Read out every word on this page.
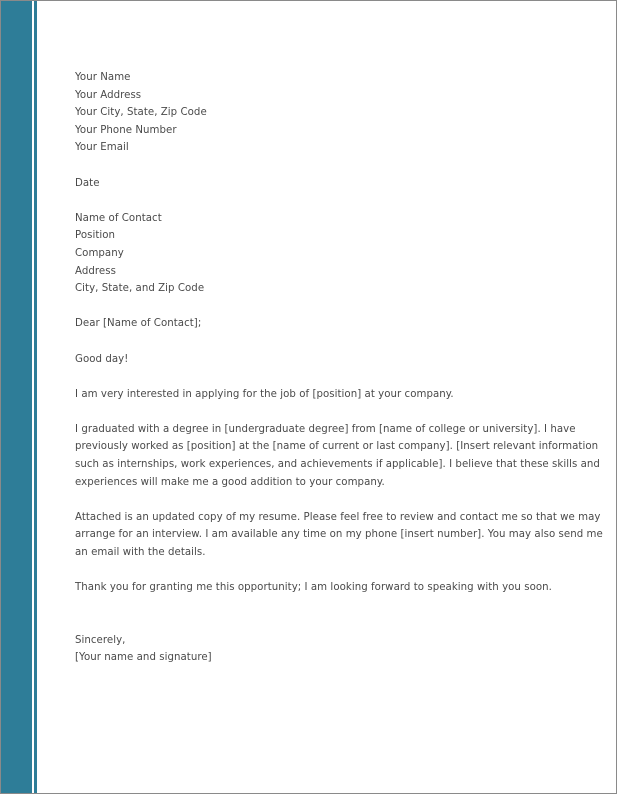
Your Name
Your Address
Your City, State, Zip Code
Your Phone Number
Your Email
Date
Name of Contact
Position
Company
Address
City, State, and Zip Code
Dear [Name of Contact];
Good day!
I am very interested in applying for the job of [position] at your company.
I graduated with a degree in [undergraduate degree] from [name of college or university]. I have
previously worked as [position] at the [name of current or last company]. [Insert relevant information
such as internships, work experiences, and achievements if applicable]. I believe that these skills and
experiences will make me a good addition to your company.
Attached is an updated copy of my resume. Please feel free to review and contact me so that we may
arrange for an interview. I am available any time on my phone [insert number]. You may also send me
an email with the details.
Thank you for granting me this opportunity; I am looking forward to speaking with you soon.
Sincerely,
[Your name and signature]
